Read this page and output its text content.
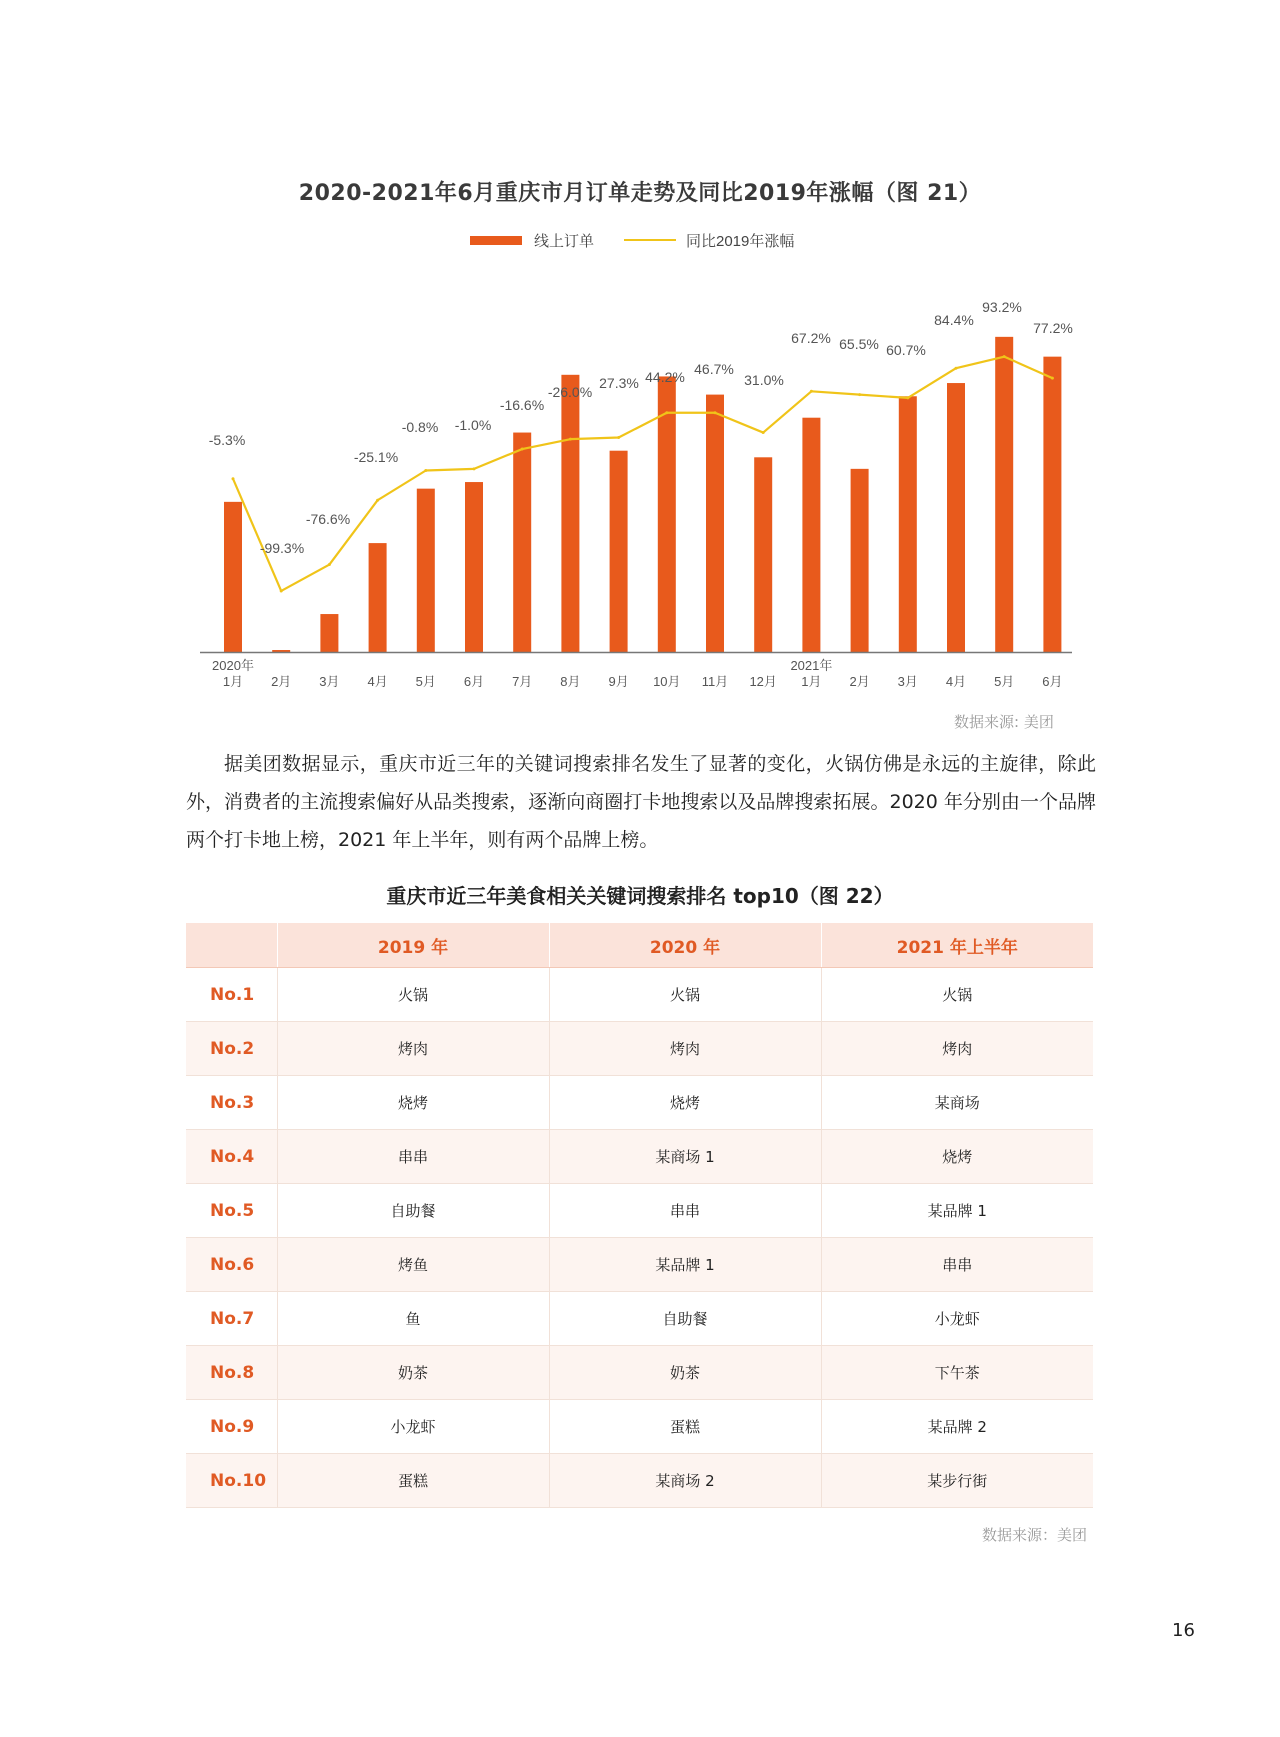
2020-2021年6月重庆市月订单走势及同比2019年涨幅（图 21）
线上订单	同比2019年涨幅
-5.3%
-99.3%
-76.6%
-25.1%
-0.8% -1.0%
-16.6%
-26.0%
27.3% 44.2% 46.7%
31.0%
67.2% 65.5% 60.7%
84.4%
93.2%
77.2%
2020年
1月 2月 3月 4月 5月 6月 7月 8月 9月 10月 11月 12月
2021年
1月 2月 3月 4月 5月 6月
数据来源: 美团

据美团数据显示，重庆市近三年的关键词搜索排名发生了显著的变化，火锅仿佛是永远的主旋律，除此外，消费者的主流搜索偏好从品类搜索，逐渐向商圈打卡地搜索以及品牌搜索拓展。2020 年分别由一个品牌两个打卡地上榜，2021 年上半年，则有两个品牌上榜。

重庆市近三年美食相关关键词搜索排名 top10（图 22）
	2019 年	2020 年	2021 年上半年
No.1	火锅	火锅	火锅
No.2	烤肉	烤肉	烤肉
No.3	烧烤	烧烤	某商场
No.4	串串	某商场 1	烧烤
No.5	自助餐	串串	某品牌 1
No.6	烤鱼	某品牌 1	串串
No.7	鱼	自助餐	小龙虾
No.8	奶茶	奶茶	下午茶
No.9	小龙虾	蛋糕	某品牌 2
No.10	蛋糕	某商场 2	某步行街
数据来源：美团
16
